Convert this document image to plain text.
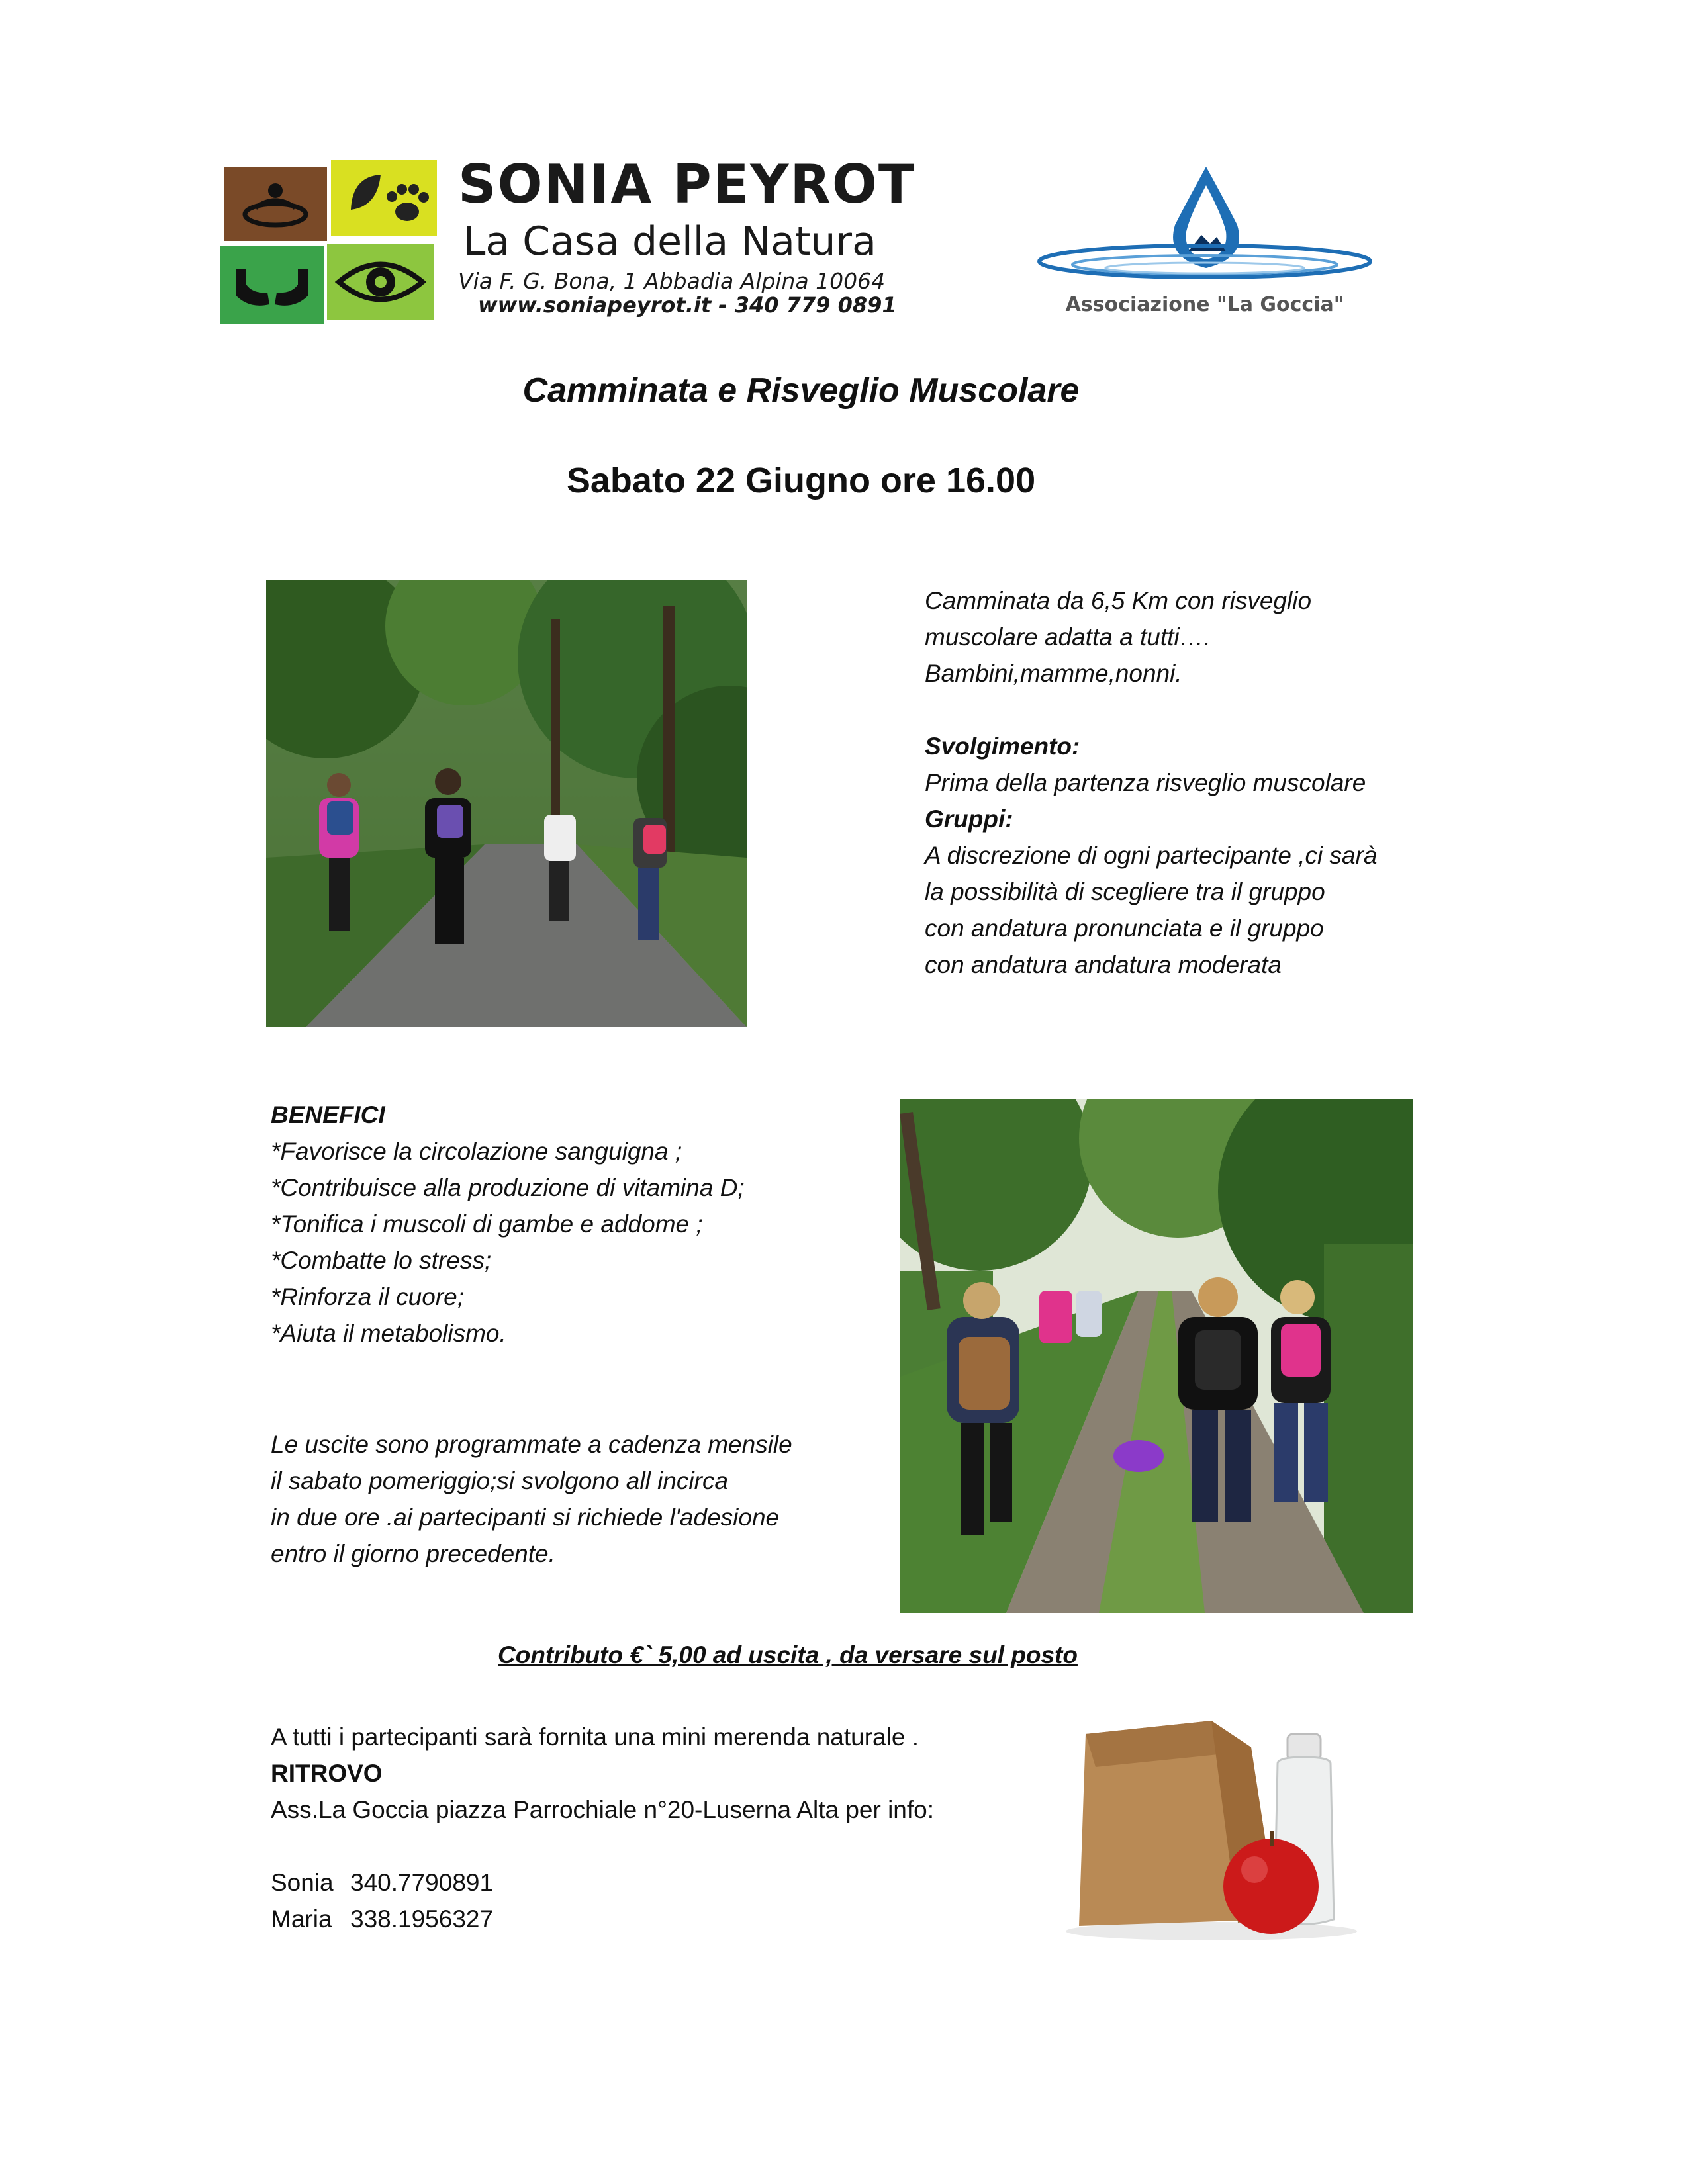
SONIA PEYROT
La Casa della Natura
Via F. G. Bona, 1 Abbadia Alpina 10064
www.soniapeyrot.it - 340 779 0891	Associazione "La Goccia"
Camminata e Risveglio Muscolare
Sabato 22 Giugno ore 16.00
Camminata da 6,5 Km con risveglio
muscolare adatta a tutti….
Bambini,mamme,nonni.
Svolgimento:
Prima della partenza risveglio muscolare
Gruppi:
A discrezione di ogni partecipante ,ci sarà
la possibilità di scegliere tra il gruppo
con andatura pronunciata e il gruppo
con andatura andatura moderata
BENEFICI
*Favorisce la circolazione sanguigna ;
*Contribuisce alla produzione di vitamina D;
*Tonifica i muscoli di gambe e addome ;
*Combatte lo stress;
*Rinforza il cuore;
*Aiuta il metabolismo.
Le uscite sono programmate a cadenza mensile
il sabato pomeriggio;si svolgono all incirca
in due ore .ai partecipanti si richiede l'adesione
entro il giorno precedente.
Contributo €` 5,00 ad uscita , da versare sul posto
A tutti i partecipanti sarà fornita una mini merenda naturale .
RITROVO
Ass.La Goccia piazza Parrochiale n°20-Luserna Alta per info:
Sonia 340.7790891
Maria 338.1956327
